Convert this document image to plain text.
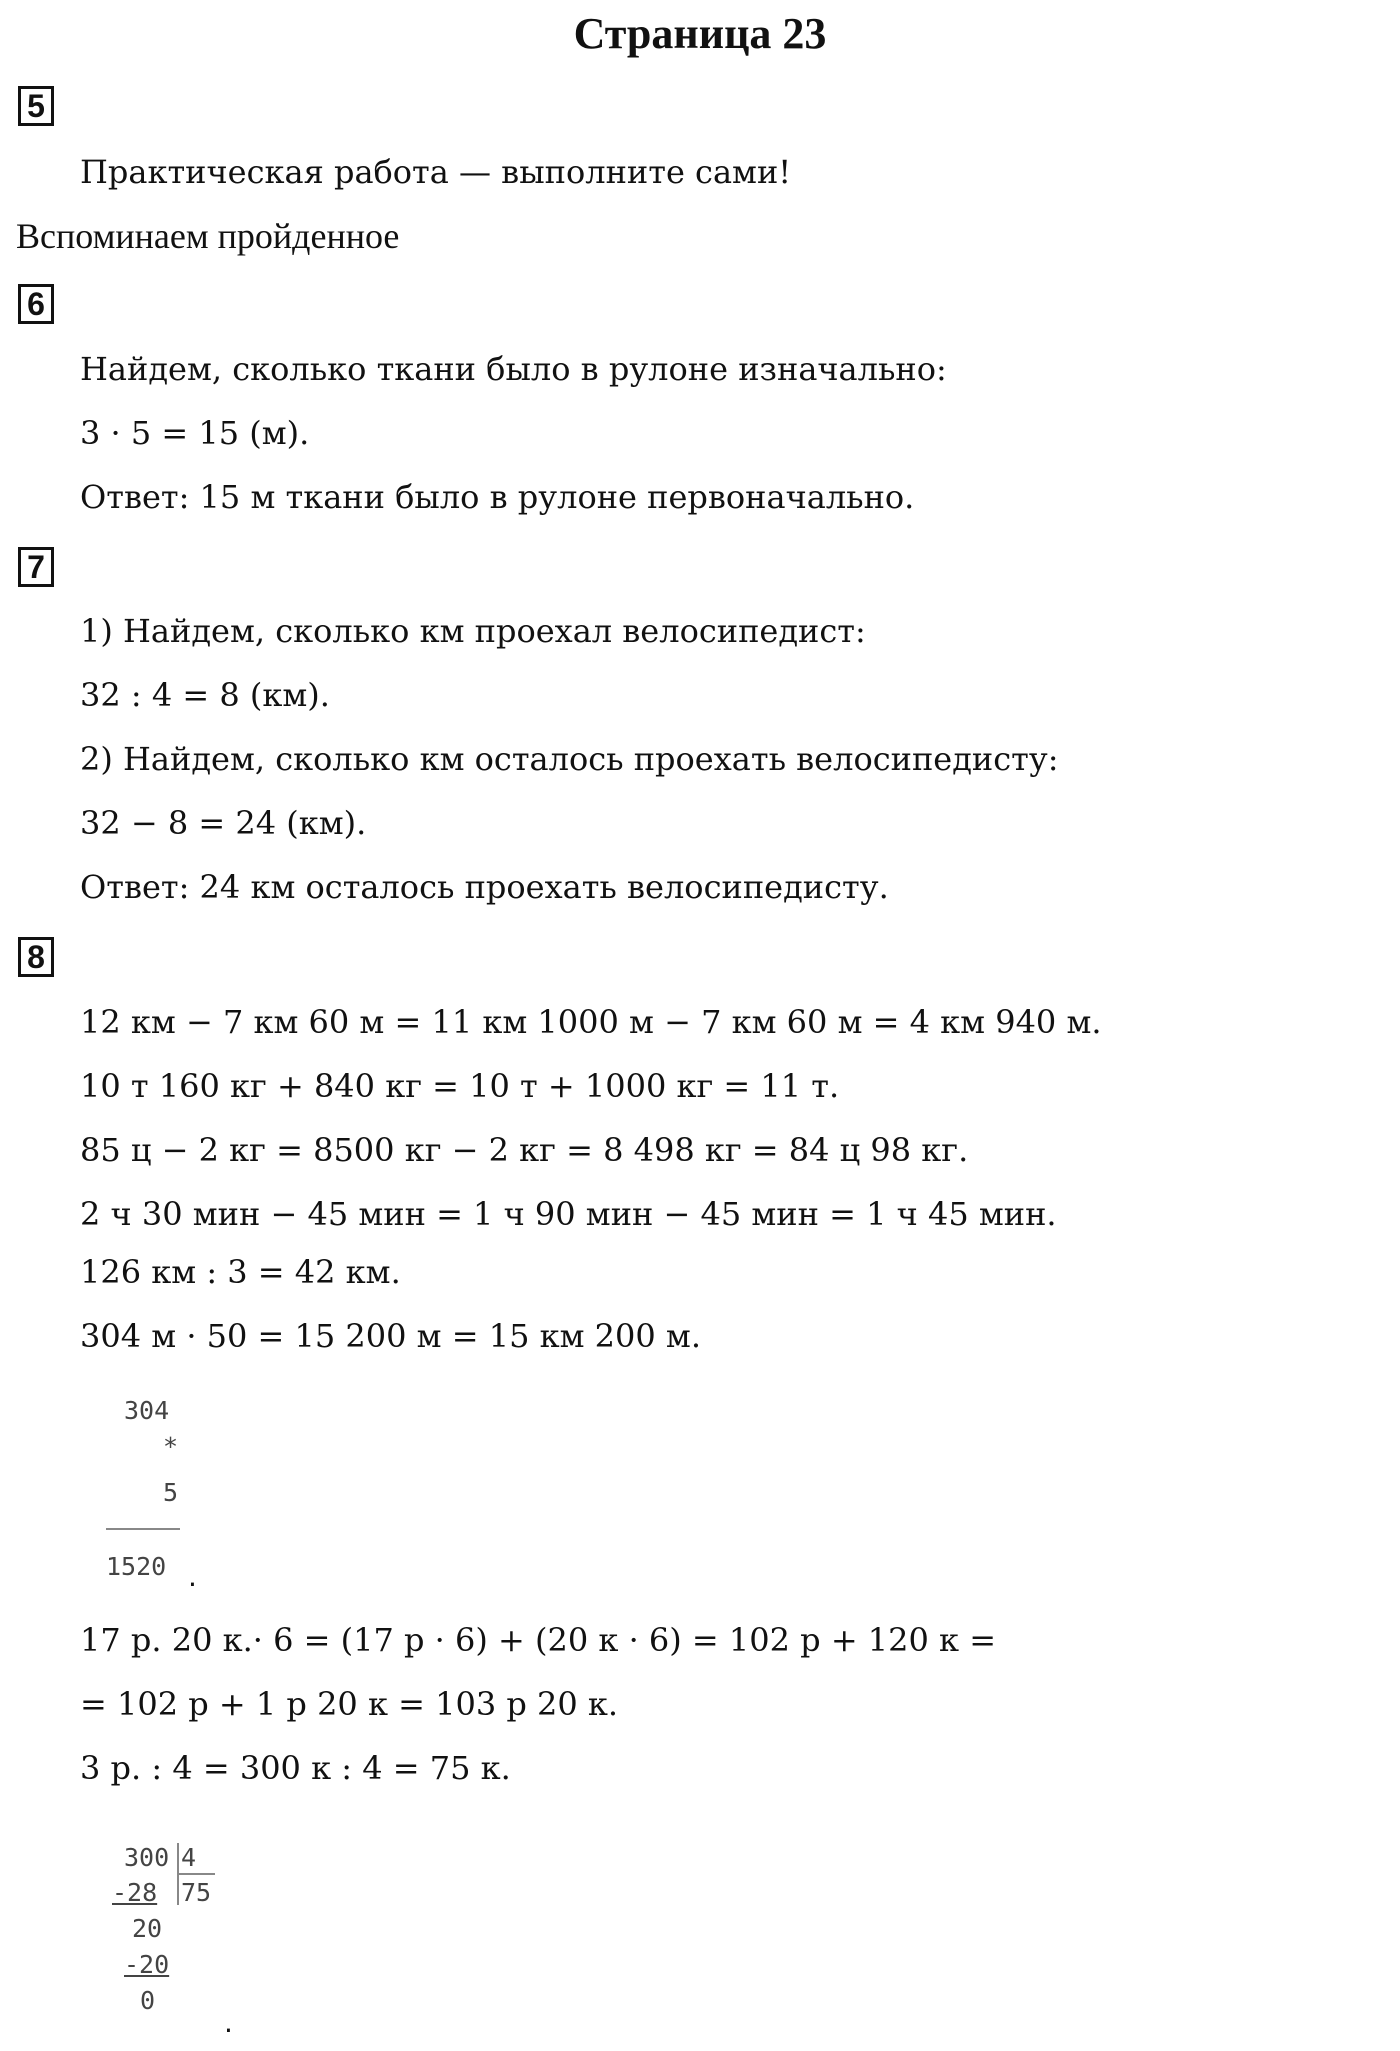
Страница 23
5
Практическая работа — выполните сами!
Вспоминаем пройденное
6
Найдем, сколько ткани было в рулоне изначально:
3 · 5 = 15 (м).
Ответ: 15 м ткани было в рулоне первоначально.
7
1) Найдем, сколько км проехал велосипедист:
32 : 4 = 8 (км).
2) Найдем, сколько км осталось проехать велосипедисту:
32 − 8 = 24 (км).
Ответ: 24 км осталось проехать велосипедисту.
8
12 км − 7 км 60 м = 11 км 1000 м − 7 км 60 м = 4 км 940 м.
10 т 160 кг + 840 кг = 10 т + 1000 кг = 11 т.
85 ц − 2 кг = 8500 кг − 2 кг = 8 498 кг = 84 ц 98 кг.
2 ч 30 мин − 45 мин = 1 ч 90 мин − 45 мин = 1 ч 45 мин.
126 км : 3 = 42 км.
304 м · 50 = 15 200 м = 15 км 200 м.
304
*
5
1520 .
17 р. 20 к.· 6 = (17 р · 6) + (20 к · 6) = 102 р + 120 к =
= 102 р + 1 р 20 к = 103 р 20 к.
3 р. : 4 = 300 к : 4 = 75 к.
300 4
-28 75
20
-20
0
.
